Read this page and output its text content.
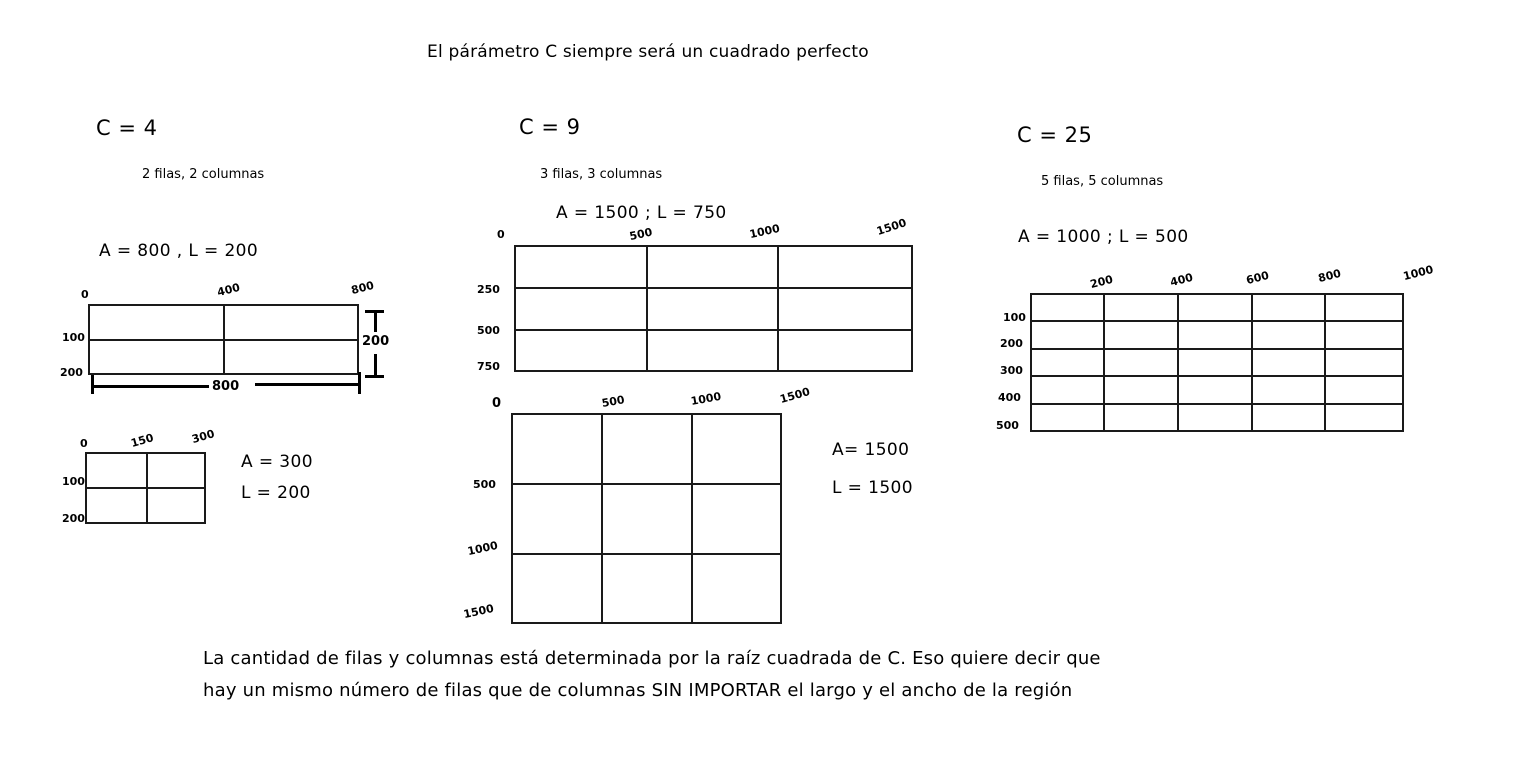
El párámetro C siempre será un cuadrado perfecto
C = 4
2 filas, 2 columnas
A = 800 , L = 200
0	400	800
100
200
800
200
0	150	300
100
200
A = 300
L = 200
C = 9
3 filas, 3 columnas
A = 1500 ; L = 750
0	500	1000	1500
250
500
750
0	500	1000	1500
500
1000
1500
A= 1500
L = 1500
C = 25
5 filas, 5 columnas
A = 1000 ; L = 500
200	400	600	800	1000
100
200
300
400
500
La cantidad de filas y columnas está determinada por la raíz cuadrada de C. Eso quiere decir que
hay un mismo número de filas que de columnas SIN IMPORTAR el largo y el ancho de la región
